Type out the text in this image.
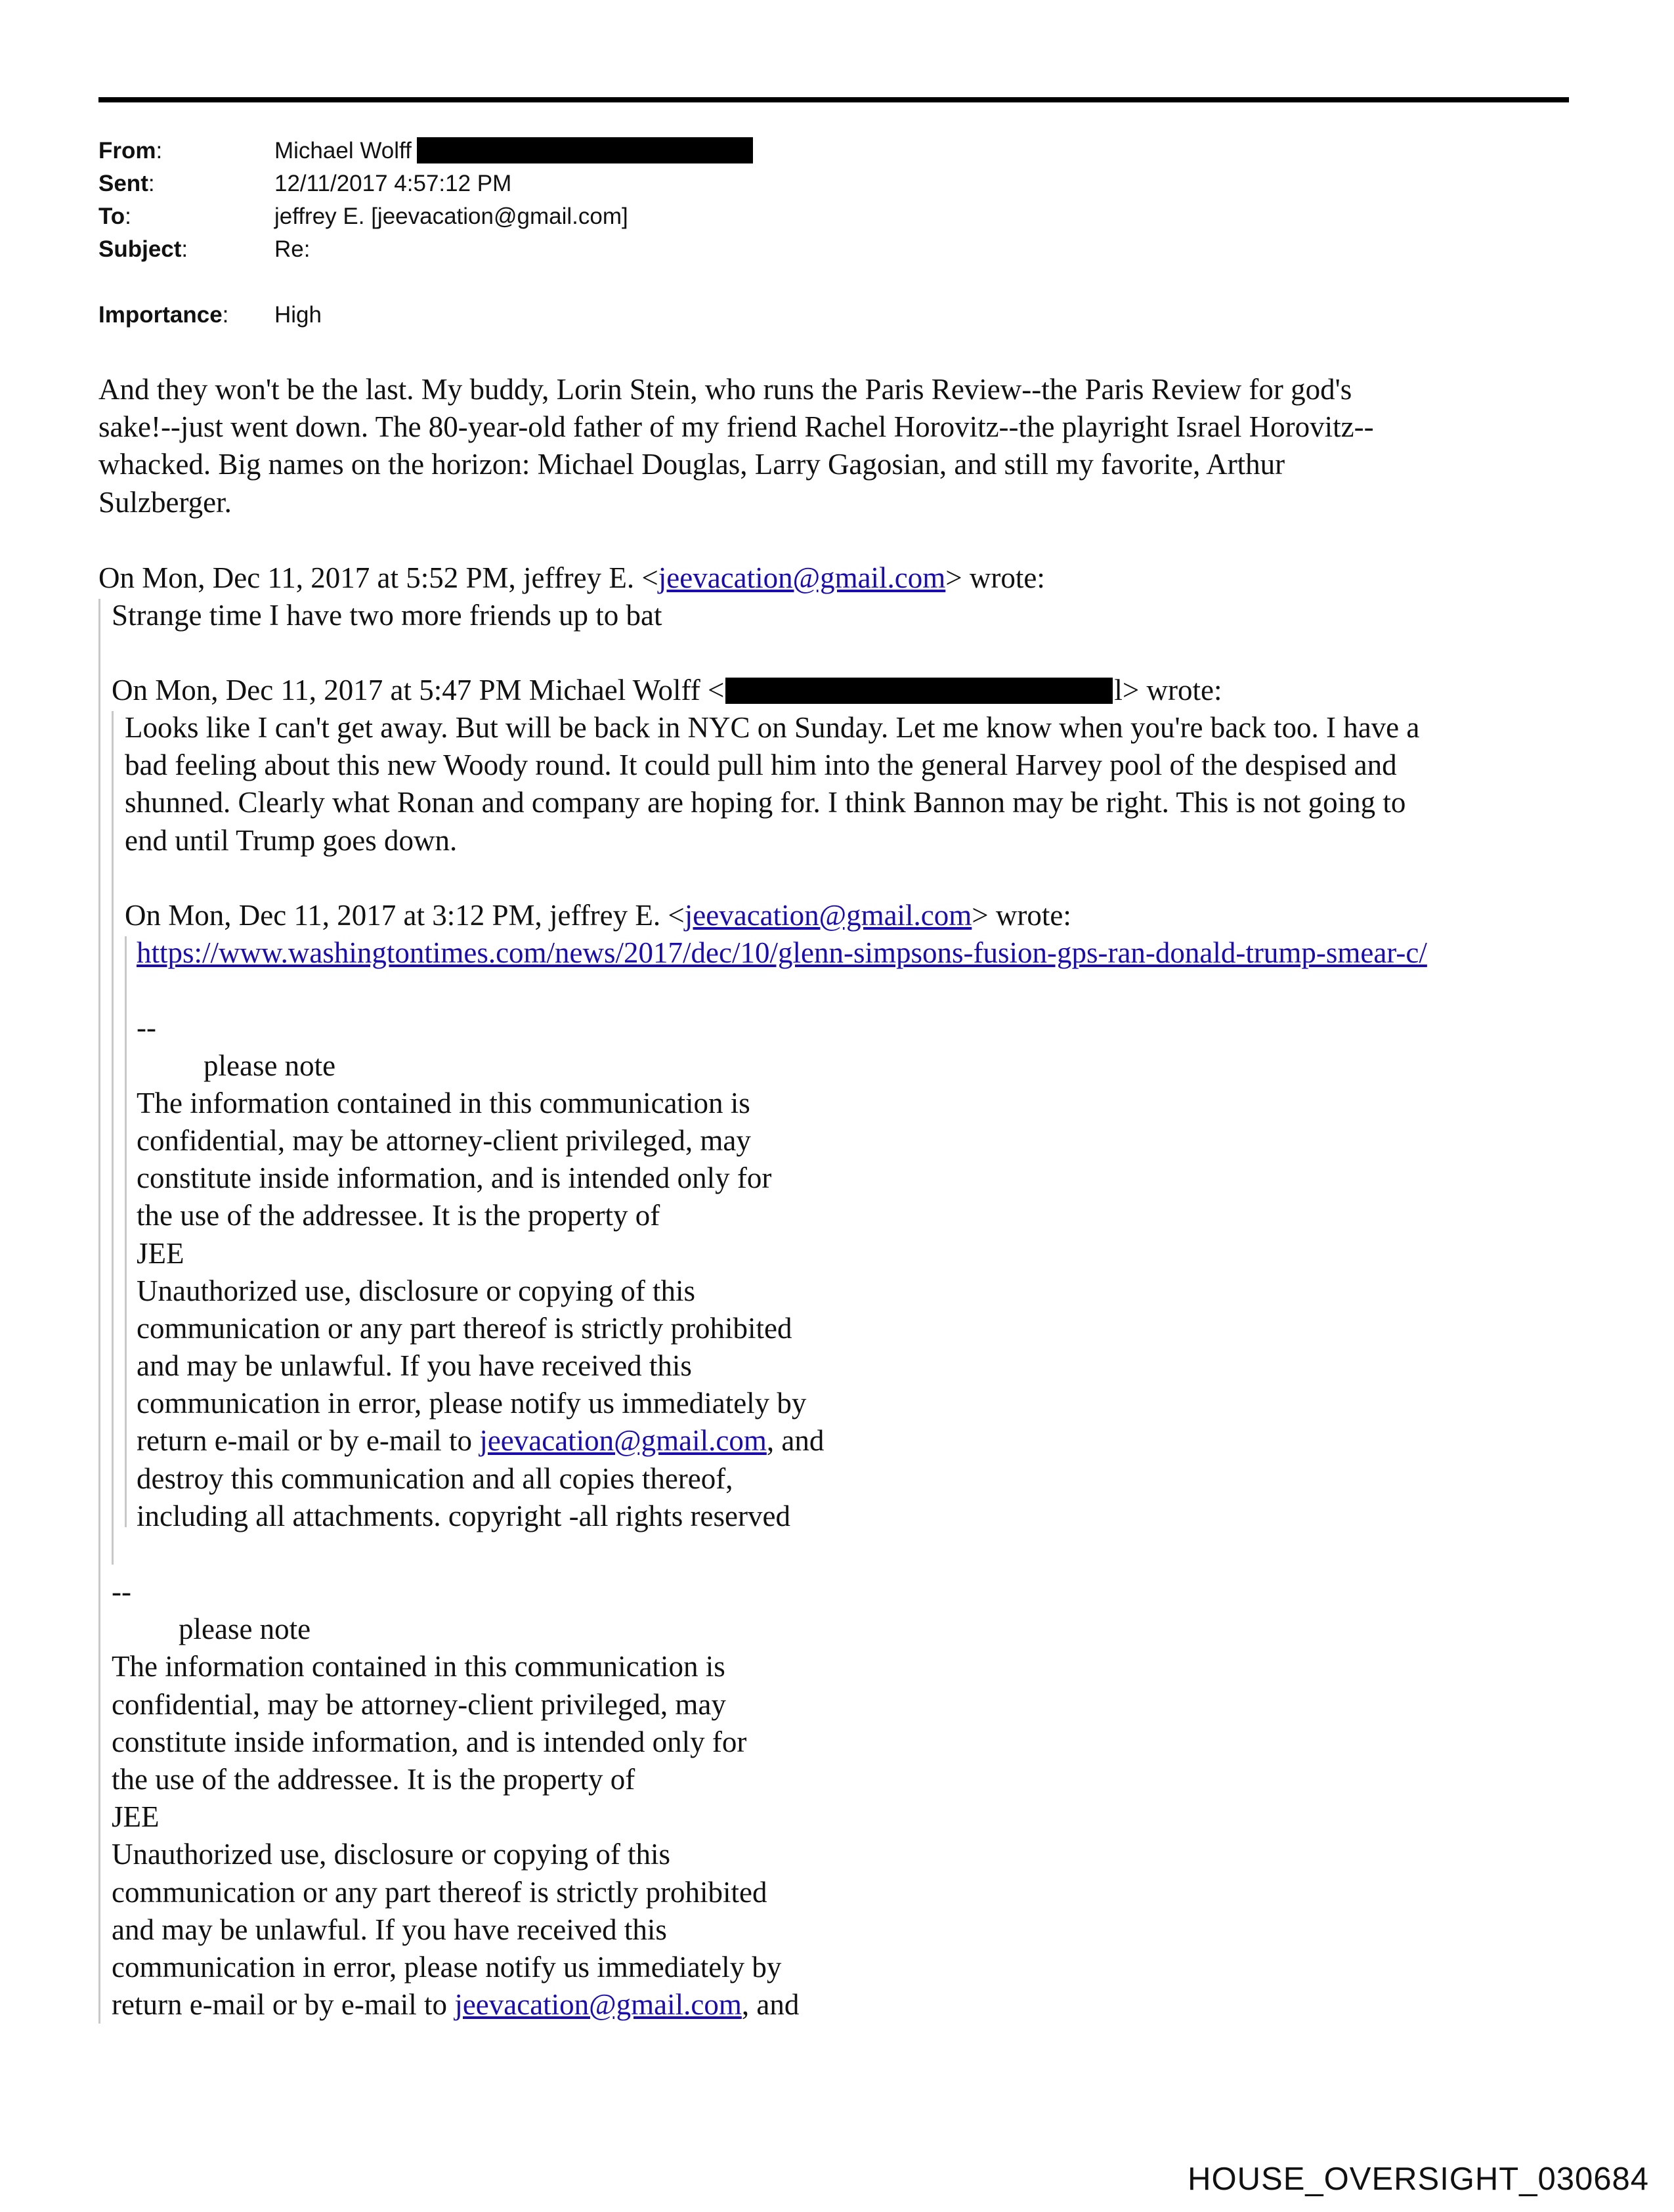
From:	Michael Wolff
Sent:	12/11/2017 4:57:12 PM
To:	jeffrey E. [jeevacation@gmail.com]
Subject:	Re:
Importance: High
And they won't be the last. My buddy, Lorin Stein, who runs the Paris Review--the Paris Review for god's
sake!--just went down. The 80-year-old father of my friend Rachel Horovitz--the playright Israel Horovitz--
whacked. Big names on the horizon: Michael Douglas, Larry Gagosian, and still my favorite, Arthur
Sulzberger.
On Mon, Dec 11, 2017 at 5:52 PM, jeffrey E. <jeevacation@gmail.com> wrote:
Strange time I have two more friends up to bat
On Mon, Dec 11, 2017 at 5:47 PM Michael Wolff <	l> wrote:
Looks like I can't get away. But will be back in NYC on Sunday. Let me know when you're back too. I have a
bad feeling about this new Woody round. It could pull him into the general Harvey pool of the despised and
shunned. Clearly what Ronan and company are hoping for. I think Bannon may be right. This is not going to
end until Trump goes down.
On Mon, Dec 11, 2017 at 3:12 PM, jeffrey E. <jeevacation@gmail.com> wrote:
https://www.washingtontimes.com/news/2017/dec/10/glenn-simpsons-fusion-gps-ran-donald-trump-smear-c/
--
please note
The information contained in this communication is
confidential, may be attorney-client privileged, may
constitute inside information, and is intended only for
the use of the addressee. It is the property of
JEE
Unauthorized use, disclosure or copying of this
communication or any part thereof is strictly prohibited
and may be unlawful. If you have received this
communication in error, please notify us immediately by
return e-mail or by e-mail to jeevacation@gmail.com, and
destroy this communication and all copies thereof,
including all attachments. copyright -all rights reserved
--
please note
The information contained in this communication is
confidential, may be attorney-client privileged, may
constitute inside information, and is intended only for
the use of the addressee. It is the property of
JEE
Unauthorized use, disclosure or copying of this
communication or any part thereof is strictly prohibited
and may be unlawful. If you have received this
communication in error, please notify us immediately by
return e-mail or by e-mail to jeevacation@gmail.com, and
HOUSE_OVERSIGHT_030684
